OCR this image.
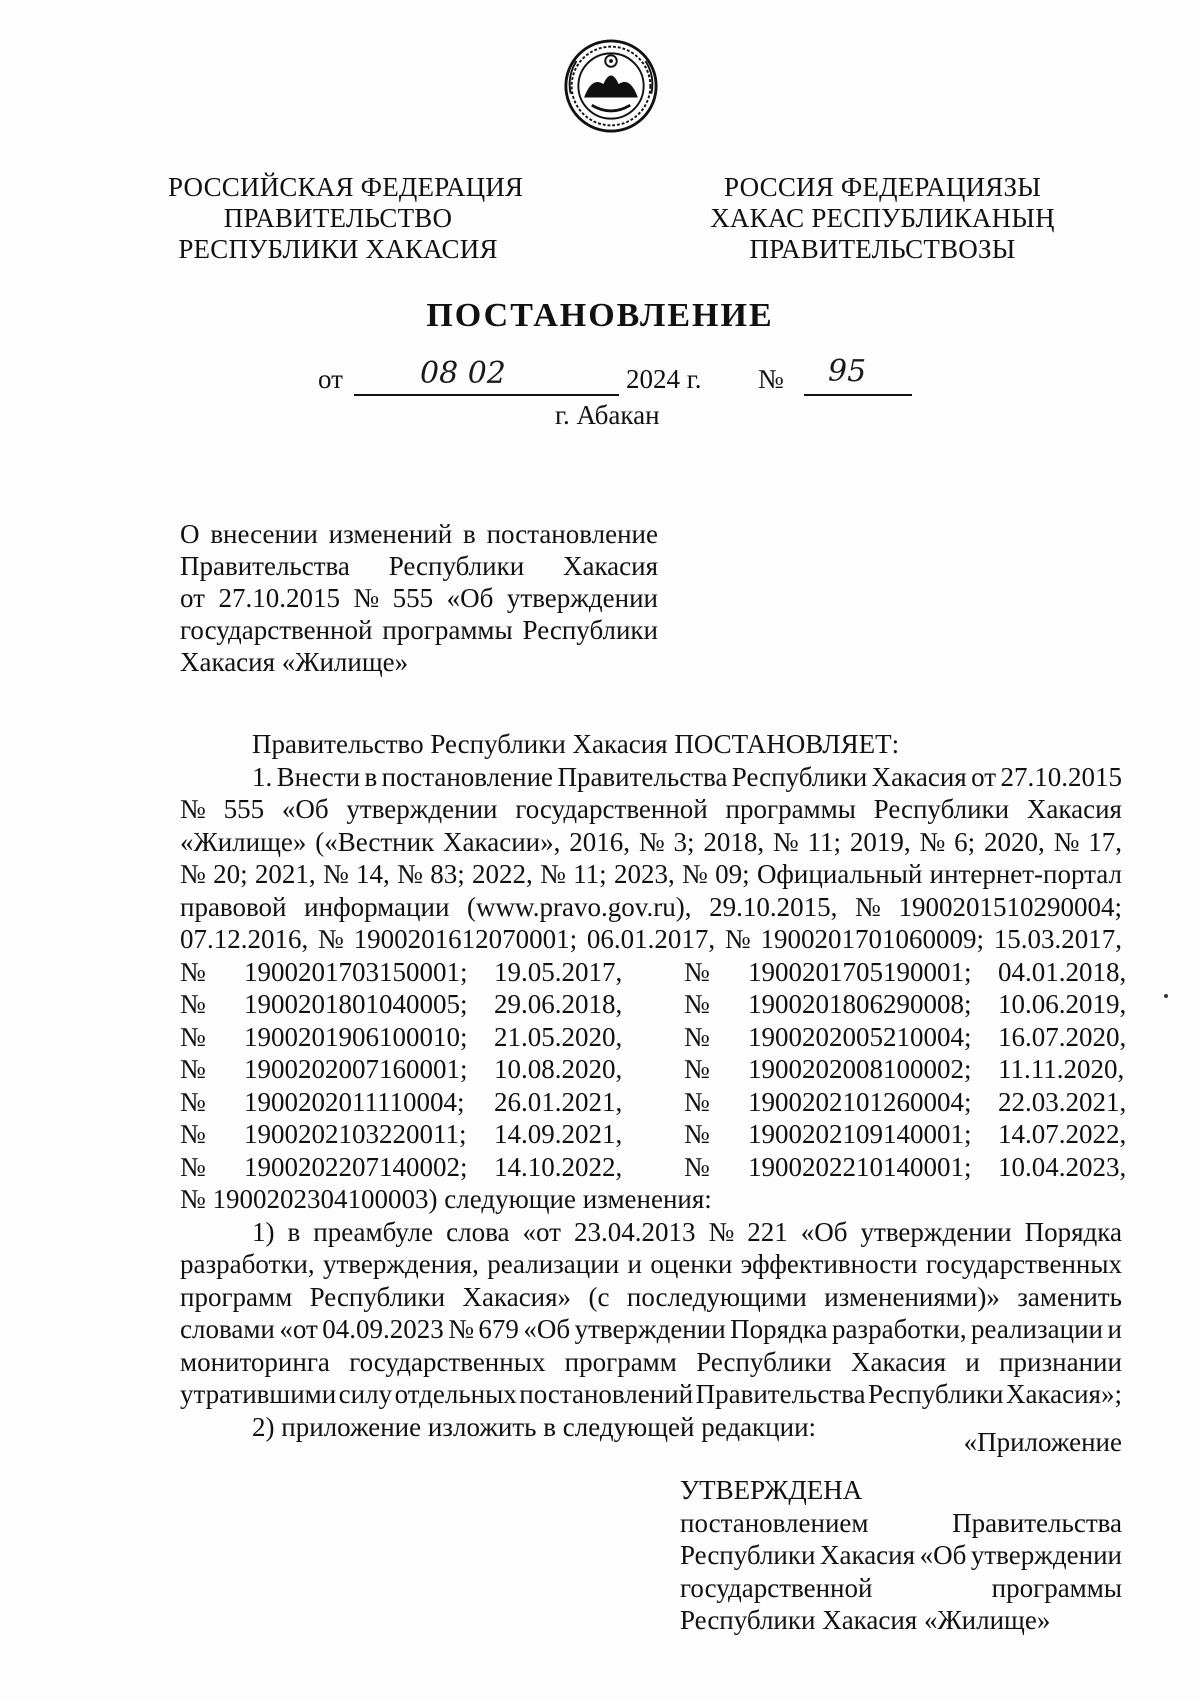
РОССИЙСКАЯ ФЕДЕРАЦИЯ
ПРАВИТЕЛЬСТВО
РЕСПУБЛИКИ ХАКАСИЯ
РОССИЯ ФЕДЕРАЦИЯЗЫ
ХАКАС РЕСПУБЛИКАНЫҢ
ПРАВИТЕЛЬСТВОЗЫ
ПОСТАНОВЛЕНИЕ
от	08 02	2024 г. № 95
г. Абакан
О внесении изменений в постановление
Правительства Республики Хакасия
от 27.10.2015 № 555 «Об утверждении
государственной программы Республики
Хакасия «Жилище»
Правительство Республики Хакасия ПОСТАНОВЛЯЕТ:
1. Внести в постановление Правительства Республики Хакасия от 27.10.2015
№ 555 «Об утверждении государственной программы Республики Хакасия
«Жилище» («Вестник Хакасии», 2016, № 3; 2018, № 11; 2019, № 6; 2020, № 17,
№ 20; 2021, № 14, № 83; 2022, № 11; 2023, № 09; Официальный интернет-портал
правовой информации (www.pravo.gov.ru), 29.10.2015, № 1900201510290004;
07.12.2016, № 1900201612070001; 06.01.2017, № 1900201701060009; 15.03.2017,
№	1900201703150001; 19.05.2017,	№	1900201705190001; 04.01.2018,
№	1900201801040005; 29.06.2018,	№	1900201806290008; 10.06.2019,
№	1900201906100010; 21.05.2020,	№	1900202005210004; 16.07.2020,
№	1900202007160001; 10.08.2020,	№	1900202008100002; 11.11.2020,
№	1900202011110004;	26.01.2021,	№	1900202101260004; 22.03.2021,
№	1900202103220011;	14.09.2021,	№	1900202109140001; 14.07.2022,
№	1900202207140002; 14.10.2022,	№	1900202210140001; 10.04.2023,
№ 1900202304100003) следующие изменения:
1) в преамбуле слова «от 23.04.2013 № 221 «Об утверждении Порядка
разработки, утверждения, реализации и оценки эффективности государственных
программ Республики Хакасия» (с последующими изменениями)» заменить
словами «от 04.09.2023 № 679 «Об утверждении Порядка разработки, реализации и
мониторинга государственных программ Республики Хакасия и признании
утратившими силу отдельных постановлений Правительства Республики Хакасия»;
2) приложение изложить в следующей редакции:
«Приложение
УТВЕРЖДЕНА
постановлением	Правительства
Республики Хакасия «Об утверждении
государственной	программы
Республики Хакасия «Жилище»
